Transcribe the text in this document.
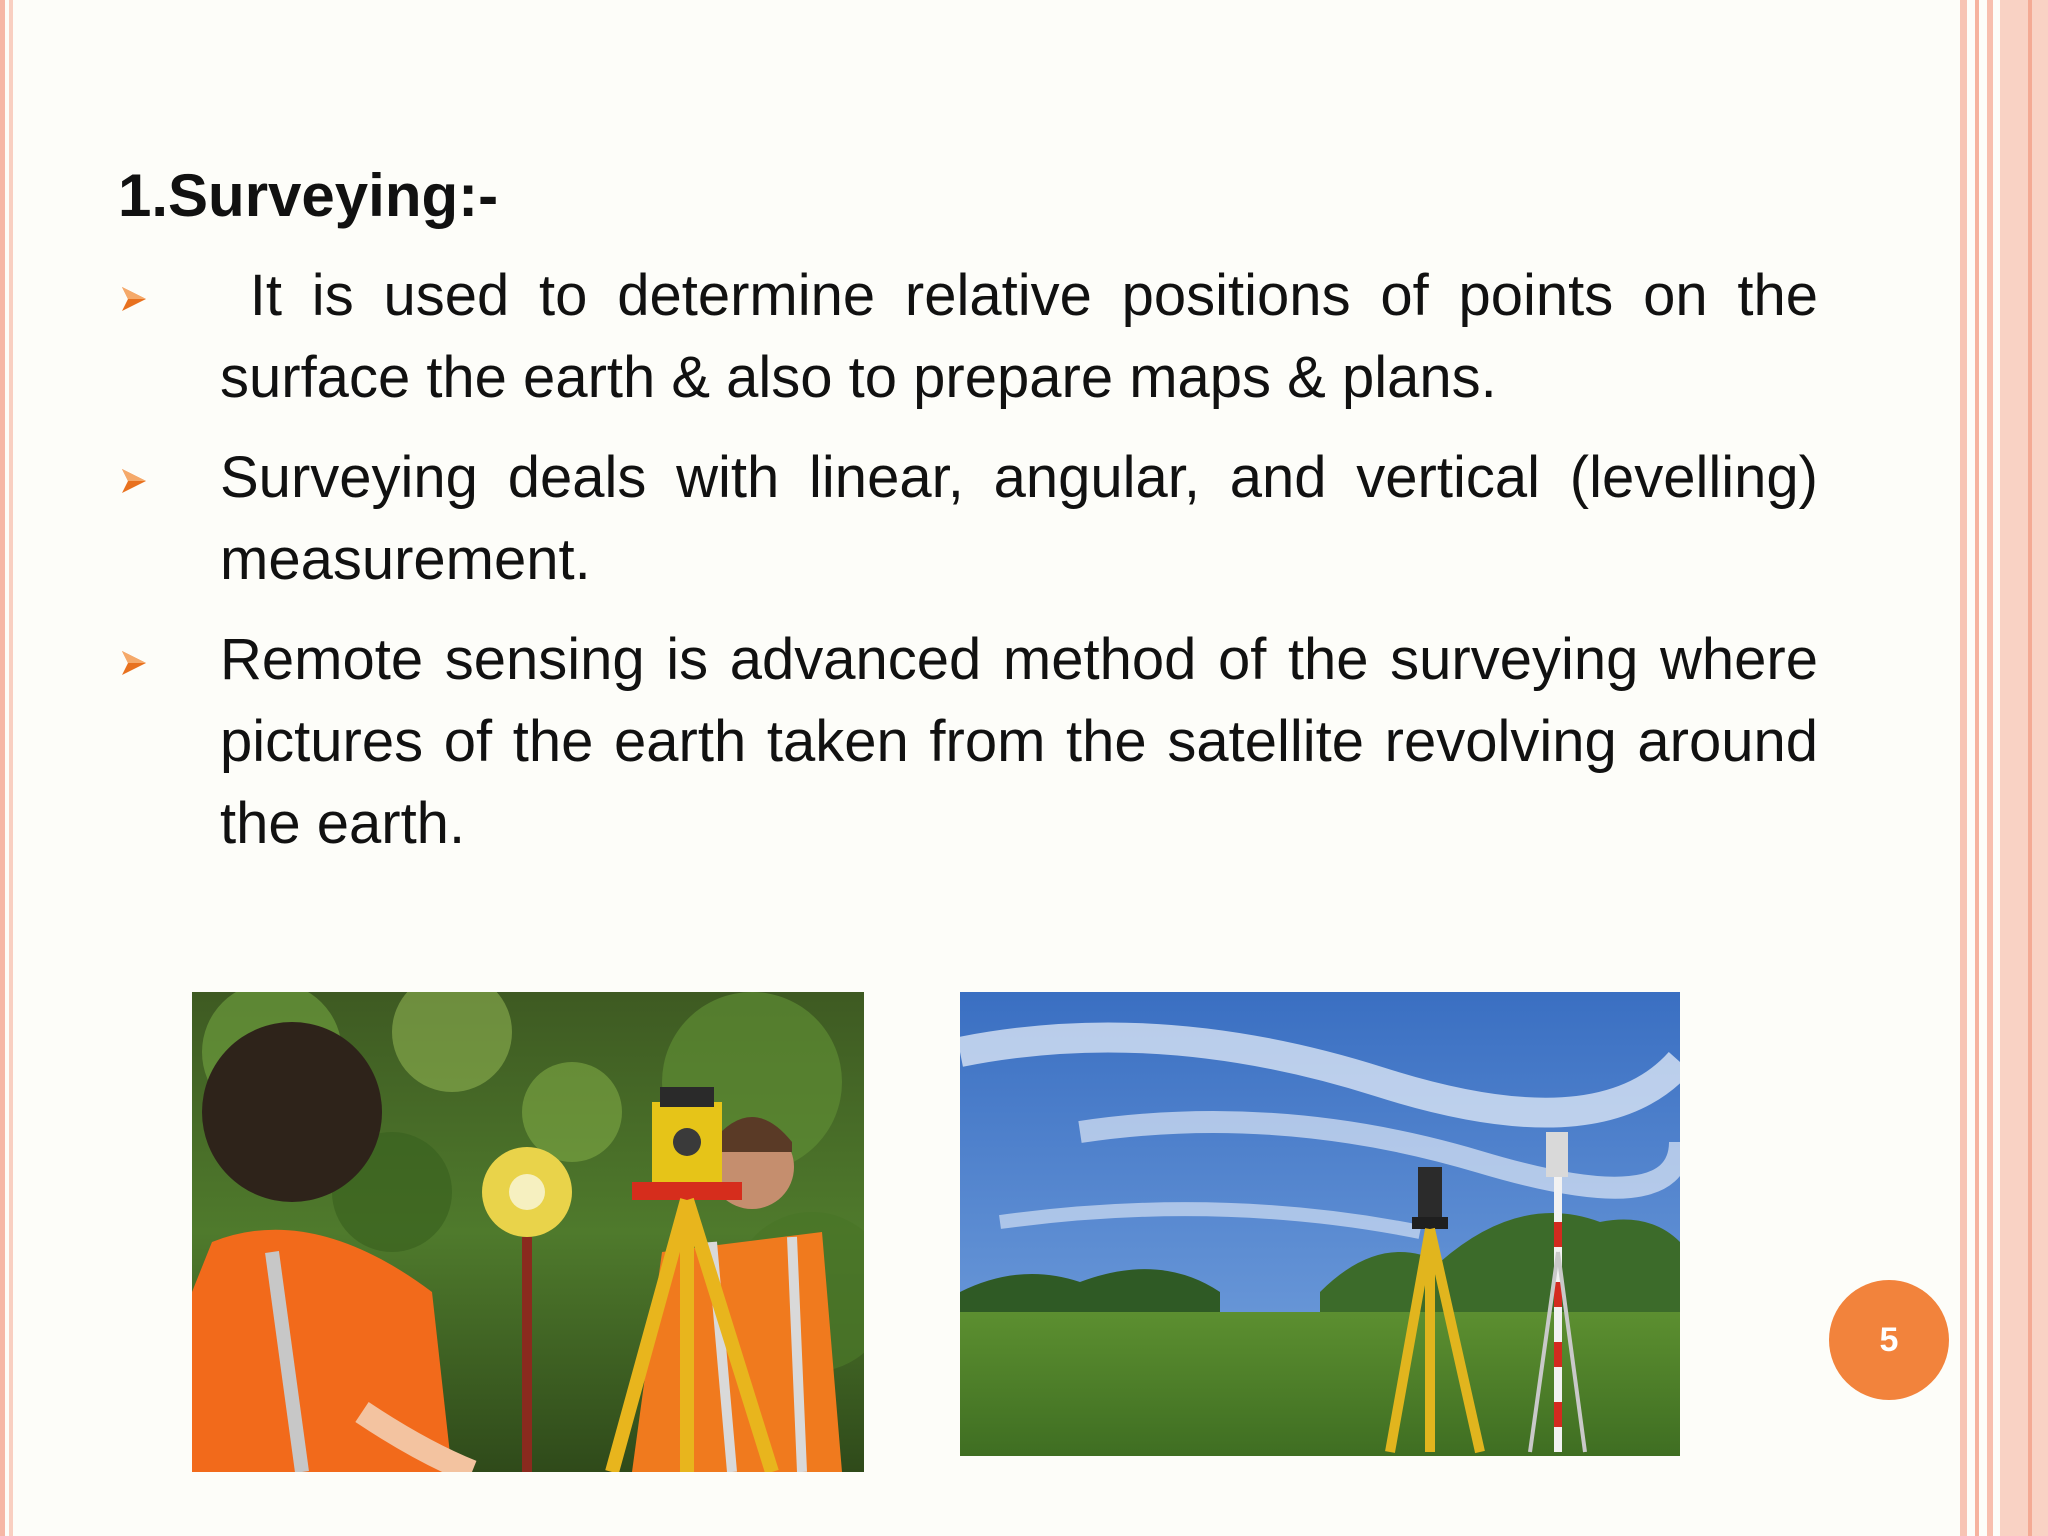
1.Surveying:-
It is used to determine relative positions of points on the surface the earth & also to prepare maps & plans.
Surveying deals with linear, angular, and vertical (levelling) measurement.
Remote sensing is advanced method of the surveying where pictures of the earth taken from the satellite revolving around the earth.
5
